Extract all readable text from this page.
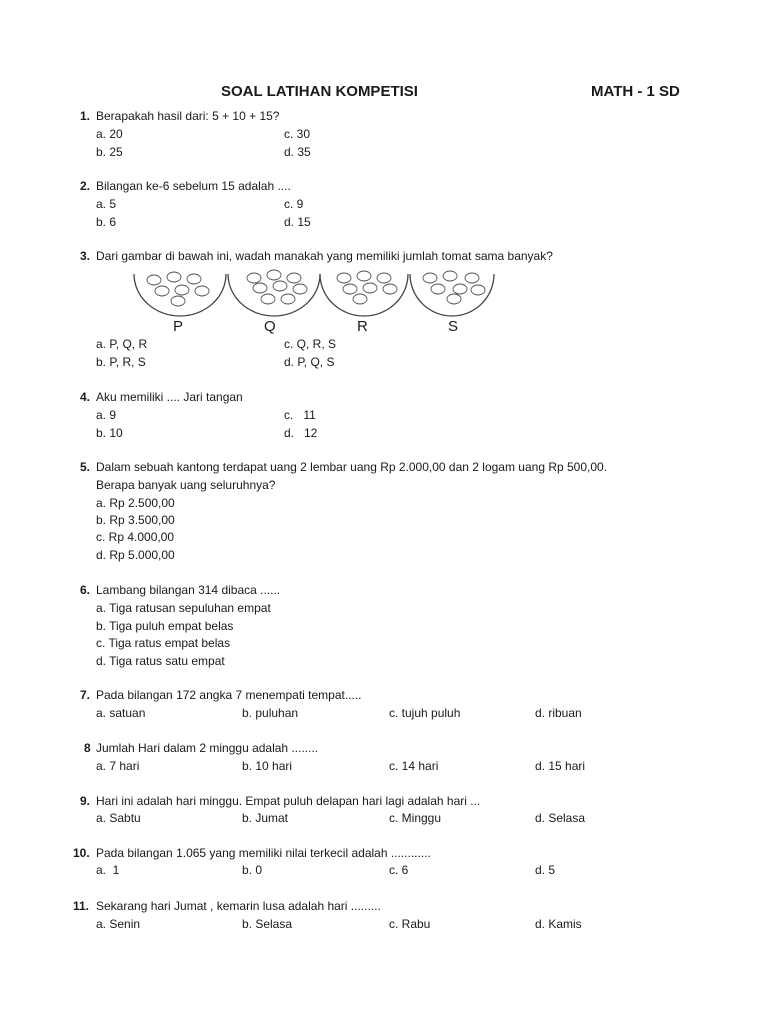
SOAL LATIHAN KOMPETISI	MATH - 1 SD
1. Berapakah hasil dari: 5 + 10 + 15?
a. 20	c. 30
b. 25	d. 35
2. Bilangan ke-6 sebelum 15 adalah ....
a. 5	c. 9
b. 6	d. 15
3. Dari gambar di bawah ini, wadah manakah yang memiliki jumlah tomat sama banyak?
P	Q	R	S
a. P, Q, R	c. Q, R, S
b. P, R, S	d. P, Q, S
4. Aku memiliki .... Jari tangan
a. 9	c.   11
b. 10	d.   12
5. Dalam sebuah kantong terdapat uang 2 lembar uang Rp 2.000,00 dan 2 logam uang Rp 500,00.
Berapa banyak uang seluruhnya?
a. Rp 2.500,00
b. Rp 3.500,00
c. Rp 4.000,00
d. Rp 5.000,00
6. Lambang bilangan 314 dibaca ......
a. Tiga ratusan sepuluhan empat
b. Tiga puluh empat belas
c. Tiga ratus empat belas
d. Tiga ratus satu empat
7. Pada bilangan 172 angka 7 menempati tempat.....
a. satuan	b. puluhan	c. tujuh puluh	d. ribuan
8 Jumlah Hari dalam 2 minggu adalah ........
a. 7 hari	b. 10 hari	c. 14 hari	d. 15 hari
9. Hari ini adalah hari minggu. Empat puluh delapan hari lagi adalah hari ...
a. Sabtu	b. Jumat	c. Minggu	d. Selasa
10. Pada bilangan 1.065 yang memiliki nilai terkecil adalah ............
a.  1	b. 0	c. 6	d. 5
11. Sekarang hari Jumat , kemarin lusa adalah hari .........
a. Senin	b. Selasa	c. Rabu	d. Kamis
